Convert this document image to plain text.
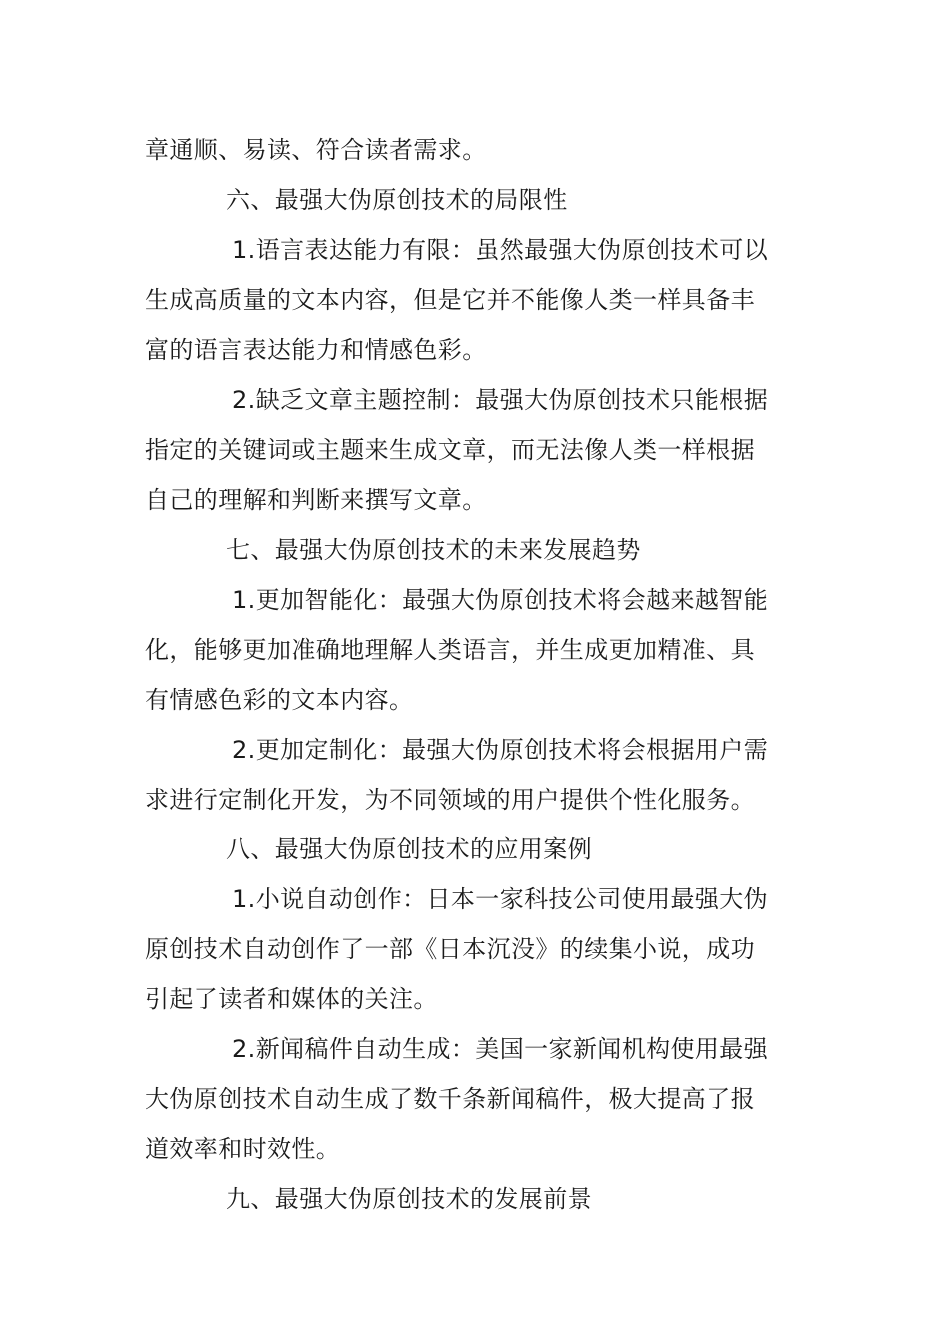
章通顺、易读、符合读者需求。
六、最强大伪原创技术的局限性
1.语言表达能力有限：虽然最强大伪原创技术可以
生成高质量的文本内容，但是它并不能像人类一样具备丰
富的语言表达能力和情感色彩。
2.缺乏文章主题控制：最强大伪原创技术只能根据
指定的关键词或主题来生成文章，而无法像人类一样根据
自己的理解和判断来撰写文章。
七、最强大伪原创技术的未来发展趋势
1.更加智能化：最强大伪原创技术将会越来越智能
化，能够更加准确地理解人类语言，并生成更加精准、具
有情感色彩的文本内容。
2.更加定制化：最强大伪原创技术将会根据用户需
求进行定制化开发，为不同领域的用户提供个性化服务。
八、最强大伪原创技术的应用案例
1.小说自动创作：日本一家科技公司使用最强大伪
原创技术自动创作了一部《日本沉没》的续集小说，成功
引起了读者和媒体的关注。
2.新闻稿件自动生成：美国一家新闻机构使用最强
大伪原创技术自动生成了数千条新闻稿件，极大提高了报
道效率和时效性。
九、最强大伪原创技术的发展前景
